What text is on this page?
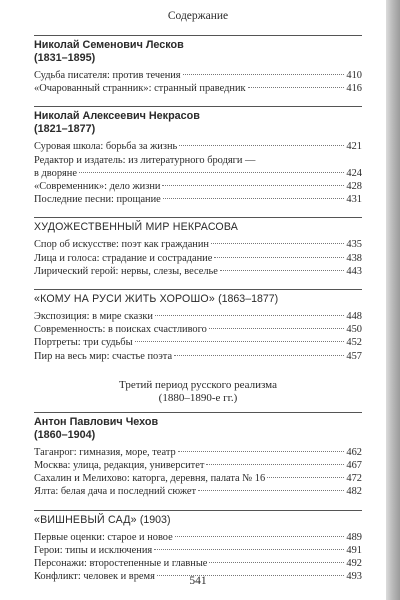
Содержание
Николай Семенович Лесков
(1831–1895)
Судьба писателя: против течения	410
«Очарованный странник»: странный праведник	416
Николай Алексеевич Некрасов
(1821–1877)
Суровая школа: борьба за жизнь	421
Редактор и издатель: из литературного бродяги —
в дворяне	424
«Современник»: дело жизни	428
Последние песни: прощание	431
ХУДОЖЕСТВЕННЫЙ МИР НЕКРАСОВА
Спор об искусстве: поэт как гражданин	435
Лица и голоса: страдание и сострадание	438
Лирический герой: нервы, слезы, веселье	443
«КОМУ НА РУСИ ЖИТЬ ХОРОШО» (1863–1877)
Экспозиция: в мире сказки	448
Современность: в поисках счастливого	450
Портреты: три судьбы	452
Пир на весь мир: счастье поэта	457
Третий период русского реализма
(1880–1890-е гг.)
Антон Павлович Чехов
(1860–1904)
Таганрог: гимназия, море, театр	462
Москва: улица, редакция, университет	467
Сахалин и Мелихово: каторга, деревня, палата № 16	472
Ялта: белая дача и последний сюжет	482
«ВИШНЕВЫЙ САД» (1903)
Первые оценки: старое и новое	489
Герои: типы и исключения	491
Персонажи: второстепенные и главные	492
Конфликт: человек и время	493
541
